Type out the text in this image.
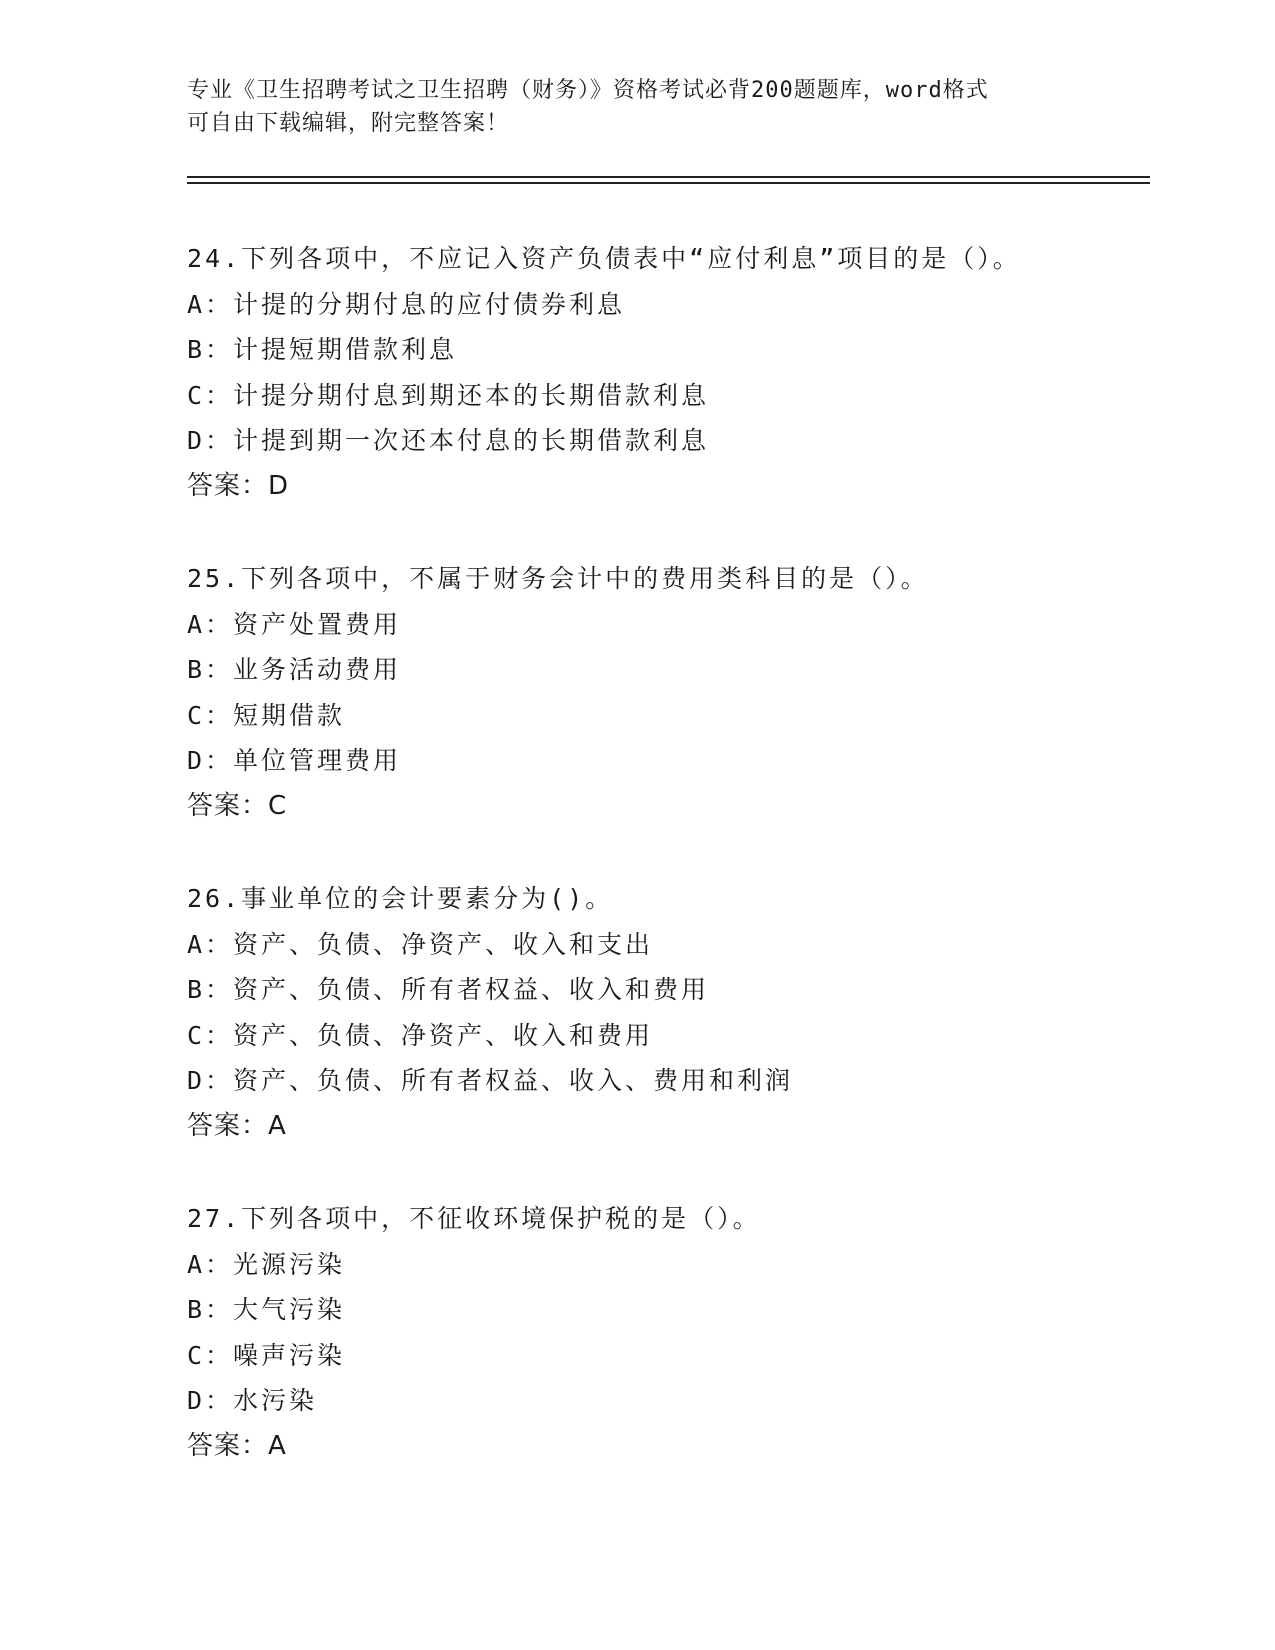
专业《卫生招聘考试之卫生招聘（财务）》资格考试必背200题题库，word格式
可自由下载编辑，附完整答案！
24.下列各项中，不应记入资产负债表中“应付利息”项目的是（）。
A：计提的分期付息的应付债券利息
B：计提短期借款利息
C：计提分期付息到期还本的长期借款利息
D：计提到期一次还本付息的长期借款利息
答案：D
25.下列各项中，不属于财务会计中的费用类科目的是（）。
A：资产处置费用
B：业务活动费用
C：短期借款
D：单位管理费用
答案：C
26.事业单位的会计要素分为()。
A：资产、负债、净资产、收入和支出
B：资产、负债、所有者权益、收入和费用
C：资产、负债、净资产、收入和费用
D：资产、负债、所有者权益、收入、费用和利润
答案：A
27.下列各项中，不征收环境保护税的是（）。
A：光源污染
B：大气污染
C：噪声污染
D：水污染
答案：A
